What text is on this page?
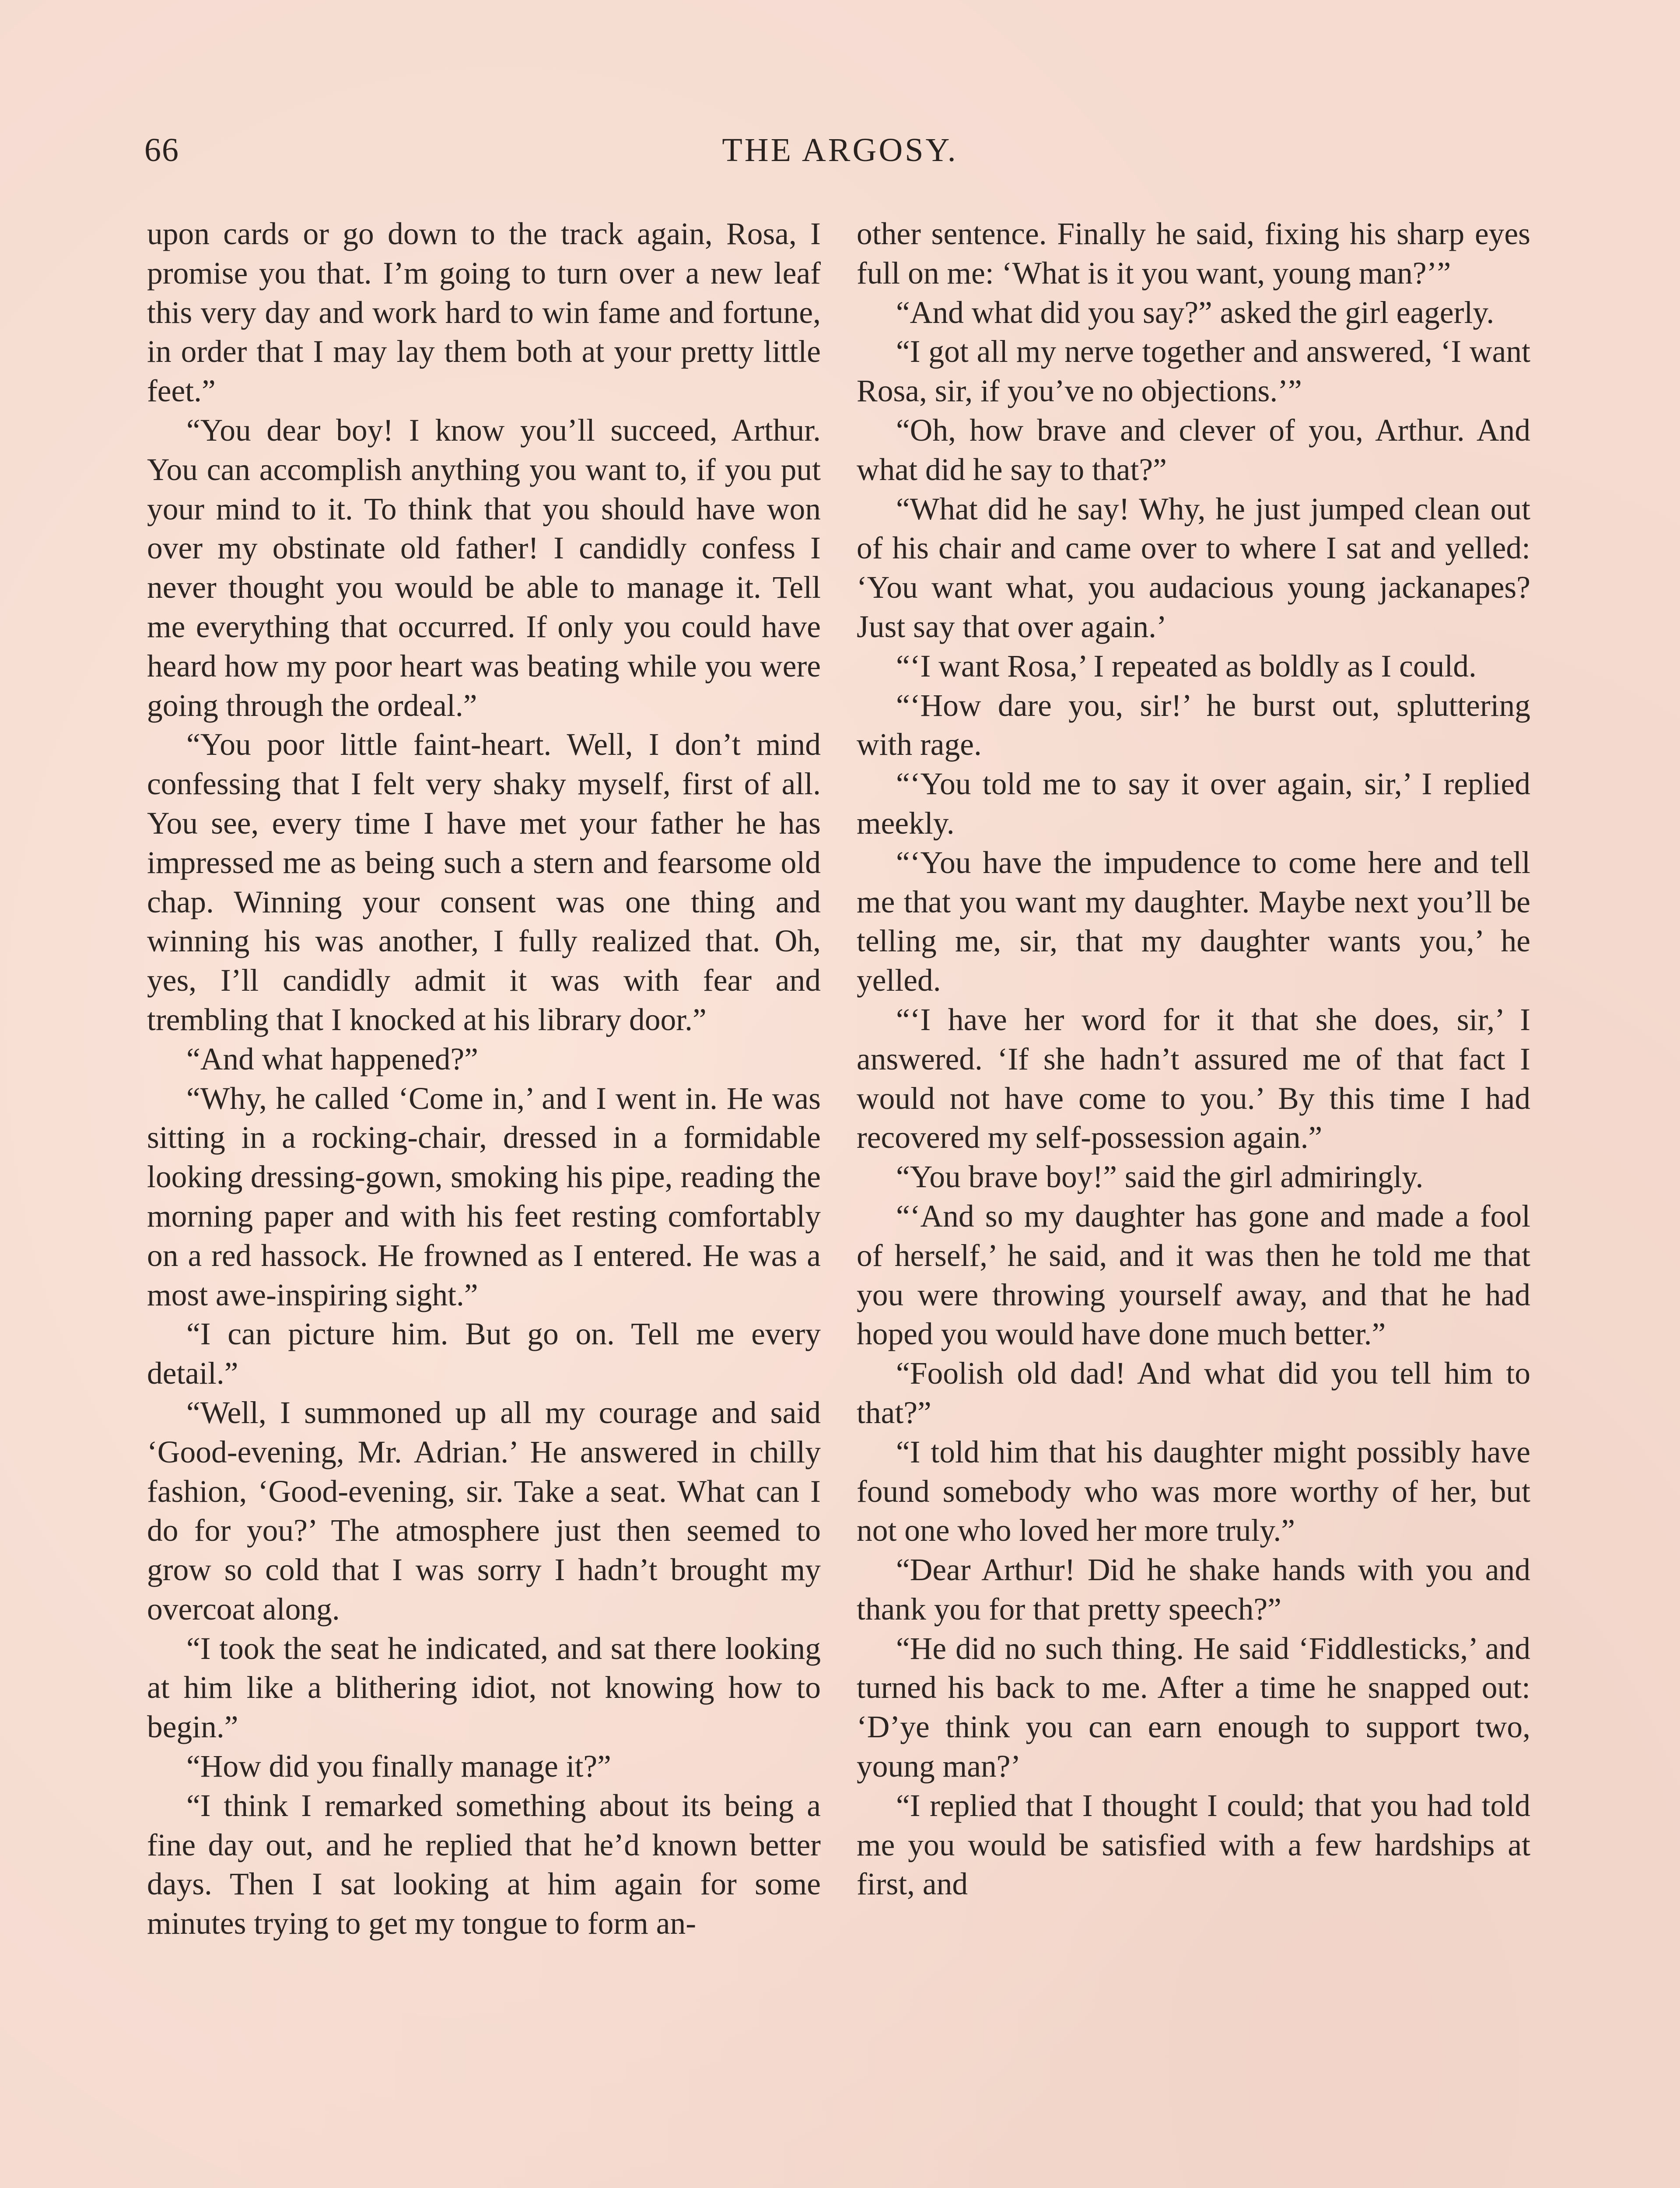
66	THE ARGOSY.

upon cards or go down to the track again, Rosa, I promise you that. I’m going to turn over a new leaf this very day and work hard to win fame and fortune, in order that I may lay them both at your pretty little feet.”

“You dear boy! I know you’ll succeed, Arthur. You can accomplish anything you want to, if you put your mind to it. To think that you should have won over my obstinate old father! I candidly confess I never thought you would be able to manage it. Tell me everything that occurred. If only you could have heard how my poor heart was beating while you were going through the ordeal.”

“You poor little faint-heart. Well, I don’t mind confessing that I felt very shaky myself, first of all. You see, every time I have met your father he has impressed me as being such a stern and fearsome old chap. Winning your consent was one thing and winning his was another, I fully realized that. Oh, yes, I’ll candidly admit it was with fear and trembling that I knocked at his library door.”

“And what happened?”

“Why, he called ‘Come in,’ and I went in. He was sitting in a rocking-chair, dressed in a formidable looking dressing-gown, smoking his pipe, reading the morning paper and with his feet resting comfortably on a red hassock. He frowned as I entered. He was a most awe-inspiring sight.”

“I can picture him. But go on. Tell me every detail.”

“Well, I summoned up all my courage and said ‘Good-evening, Mr. Adrian.’ He answered in chilly fashion, ‘Good-evening, sir. Take a seat. What can I do for you?’ The atmosphere just then seemed to grow so cold that I was sorry I hadn’t brought my overcoat along.

“I took the seat he indicated, and sat there looking at him like a blithering idiot, not knowing how to begin.”

“How did you finally manage it?”

“I think I remarked something about its being a fine day out, and he replied that he’d known better days. Then I sat looking at him again for some minutes trying to get my tongue to form an-

other sentence. Finally he said, fixing his sharp eyes full on me: ‘What is it you want, young man?’”

“And what did you say?” asked the girl eagerly.

“I got all my nerve together and answered, ‘I want Rosa, sir, if you’ve no objections.’”

“Oh, how brave and clever of you, Arthur. And what did he say to that?”

“What did he say! Why, he just jumped clean out of his chair and came over to where I sat and yelled: ‘You want what, you audacious young jackanapes? Just say that over again.’

“‘I want Rosa,’ I repeated as boldly as I could.

“‘How dare you, sir!’ he burst out, spluttering with rage.

“‘You told me to say it over again, sir,’ I replied meekly.

“‘You have the impudence to come here and tell me that you want my daughter. Maybe next you’ll be telling me, sir, that my daughter wants you,’ he yelled.

“‘I have her word for it that she does, sir,’ I answered. ‘If she hadn’t assured me of that fact I would not have come to you.’ By this time I had recovered my self-possession again.”

“You brave boy!” said the girl admiringly.

“‘And so my daughter has gone and made a fool of herself,’ he said, and it was then he told me that you were throwing yourself away, and that he had hoped you would have done much better.”

“Foolish old dad! And what did you tell him to that?”

“I told him that his daughter might possibly have found somebody who was more worthy of her, but not one who loved her more truly.”

“Dear Arthur! Did he shake hands with you and thank you for that pretty speech?”

“He did no such thing. He said ‘Fiddlesticks,’ and turned his back to me. After a time he snapped out: ‘D’ye think you can earn enough to support two, young man?’

“I replied that I thought I could; that you had told me you would be satisfied with a few hardships at first, and
